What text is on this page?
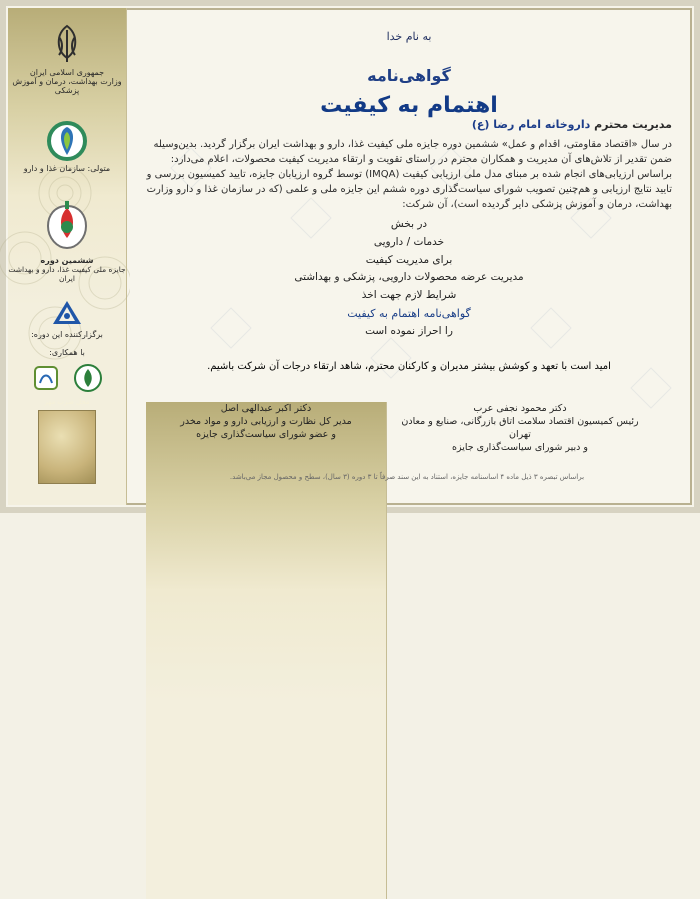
جمهوری اسلامی ایران
وزارت بهداشت، درمان و آموزش پزشکی
متولی: سازمان غذا و دارو
ششمین دوره
جایزه ملی کیفیت غذا، دارو و بهداشت ایران
برگزارکننده این دوره:
با همکاری:
محل ضرب مهر
به نام خدا
گواهی‌نامه
اهتمام به کیفیت
مدیریت محترم داروخانه امام رضا (ع)
در سال «اقتصاد مقاومتی، اقدام و عمل» ششمین دوره جایزه ملی کیفیت غذا، دارو و بهداشت ایران برگزار گردید. بدین‌وسیله ضمن تقدیر از تلاش‌های آن مدیریت و همکاران محترم در راستای تقویت و ارتقاء مدیریت کیفیت محصولات، اعلام می‌دارد: براساس ارزیابی‌های انجام شده بر مبنای مدل ملی ارزیابی کیفیت (IMQA) توسط گروه ارزیابان جایزه، تایید کمیسیون بررسی و تایید نتایج ارزیابی و هم‌چنین تصویب شورای سیاست‌گذاری دوره ششم این جایزه ملی و علمی (که در سازمان غذا و دارو وزارت بهداشت، درمان و آموزش پزشکی دایر گردیده است)، آن شرکت:
در بخش
خدمات / دارویی
برای مدیریت کیفیت
مدیریت عرضه محصولات دارویی، پزشکی و بهداشتی
شرایط لازم جهت اخذ
گواهی‌نامه اهتمام به کیفیت
را احراز نموده است
امید است با تعهد و کوشش بیشتر مدیران و کارکنان محترم، شاهد ارتقاء درجات آن شرکت باشیم.
دکتر محمود نجفی عرب
رئیس کمیسیون اقتصاد سلامت اتاق بازرگانی، صنایع و معادن تهران
و دبیر شورای سیاست‌گذاری جایزه
دکتر اکبر عبدالهی اصل
مدیر کل نظارت و ارزیابی دارو و مواد مخدر
و عضو شورای سیاست‌گذاری جایزه
براساس تبصره ۳ ذیل ماده ۴ اساسنامه جایزه، استناد به این سند صرفاً تا ۳ دوره (۳ سال)، سطح و محصول مجاز می‌باشد.
